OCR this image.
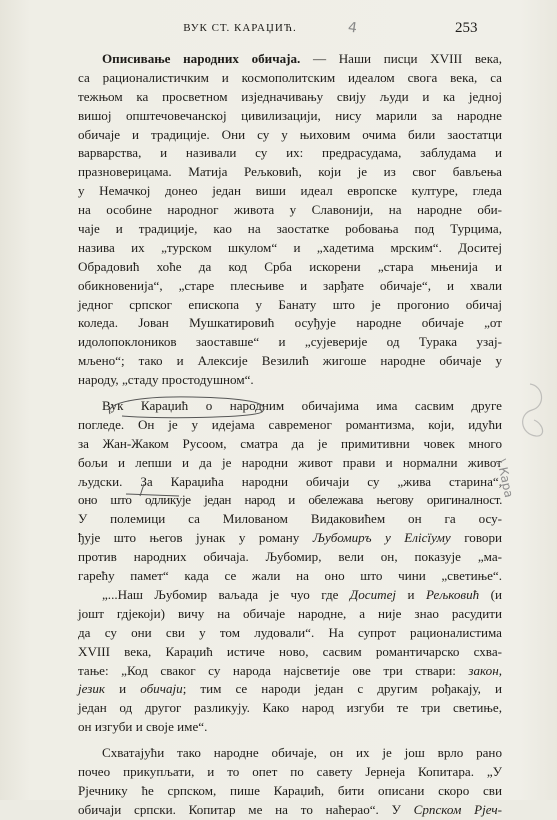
ВУК СТ. КАРАЏИЋ.	4	253
Описивање народних обичаја. — Наши писци XVIII века,
са рационалистичким и космополитским идеалом свога века, са
тежњом ка просветном изједначивању свију људи и ка једној
вишој општечовечанској цивилизацији, нису марили за народне
обичаје и традиције. Они су у њиховим очима били заостатци
варварства, и називали су их: предрасудама, заблудама и
празноверицама. Матија Рељковић, који је из свог бављења
у Немачкој донео један виши идеал европске културе, гледа
на особине народног живота у Славонији, на народне оби-
чаје и традиције, као на заостатке робовања под Турцима,
назива их „турском шкулом“ и „хадетима мрским“. Доситеј
Обрадовић хоће да код Срба искорени „стара мњенија и
обикновенија“, „старе плесњиве и зарђате обичаје“, и хвали
једног српског епископа у Банату што је прогонио обичај
коледа. Јован Мушкатировић осуђује народне обичаје „от
идолопоклоников заоставше“ и „сујеверије од Турака узај-
мљено“; тако и Алексије Везилић жигоше народне обичаје у
народу, „стаду простодушном“.
Вук Караџић о народним обичајима има сасвим друге
погледе. Он је у идејама савременог романтизма, који, идући
за Жан-Жаком Русоом, сматра да је примитивни човек много
бољи и лепши и да је народни живот прави и нормални живот
људски. За Караџића народни обичаји су „жива старина“,
оно што одликује један народ и обележава његову оригиналност.
У полемици са Милованом Видаковићем он га осу-
ђује што његов јунак у роману Љубомиръ у Елісїуму говори
против народних обичаја. Љубомир, вели он, показује „ма-
гарећу памет“ када се жали на оно што чини „светиње“.
„...Наш Љубомир ваљада је чуо где Доситеј и Рељковић (и
јошт гдјекоји) вичу на обичаје народне, а није знао расудити
да су они сви у том лудовали“. На супрот рационалистима
XVIII века, Караџић истиче ново, сасвим романтичарско схва-
тање: „Код сваког су народа најсветије ове три ствари: закон,
језик и обичаји; тим се народи један с другим рођакају, и
један од другог разликују. Како народ изгуби те три светиње,
он изгуби и своје име“.
Схватајући тако народне обичаје, он их је још врло рано
почео прикупљати, и то опет по савету Јернеја Копитара. „У
Рјечнику ће српском, пише Караџић, бити описани скоро сви
обичаји српски. Копитар ме на то наћерао“. У Српском Рјеч-
\ Кара
